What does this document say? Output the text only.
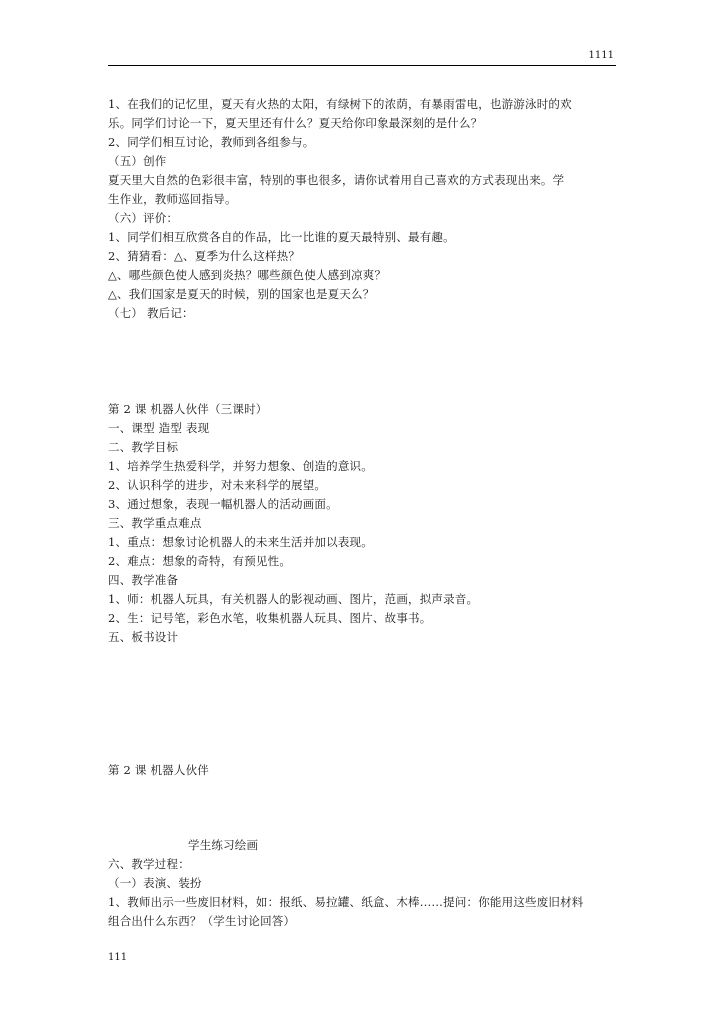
1111
1、在我们的记忆里，夏天有火热的太阳，有绿树下的浓荫，有暴雨雷电，也游游泳时的欢
乐。同学们讨论一下，夏天里还有什么？夏天给你印象最深刻的是什么？
2、同学们相互讨论，教师到各组参与。
（五）创作
夏天里大自然的色彩很丰富，特别的事也很多，请你试着用自己喜欢的方式表现出来。学
生作业，教师巡回指导。
（六）评价：
1、同学们相互欣赏各自的作品，比一比谁的夏天最特别、最有趣。
2、猜猜看：△、夏季为什么这样热？
△、哪些颜色使人感到炎热？哪些颜色使人感到凉爽？
△、我们国家是夏天的时候，别的国家也是夏天么？
（七） 教后记：
第 2 课 机器人伙伴（三课时）
一、课型 造型 表现
二、教学目标
1、培养学生热爱科学，并努力想象、创造的意识。
2、认识科学的进步，对未来科学的展望。
3、通过想象，表现一幅机器人的活动画面。
三、教学重点难点
1、重点：想象讨论机器人的未来生活并加以表现。
2、难点：想象的奇特，有预见性。
四、教学准备
1、师：机器人玩具，有关机器人的影视动画、图片，范画，拟声录音。
2、生：记号笔，彩色水笔，收集机器人玩具、图片、故事书。
五、板书设计
第 2 课 机器人伙伴
学生练习绘画
六、教学过程：
（一）表演、装扮
1、教师出示一些废旧材料，如：报纸、易拉罐、纸盒、木棒……提问：你能用这些废旧材料
组合出什么东西？（学生讨论回答）
111
